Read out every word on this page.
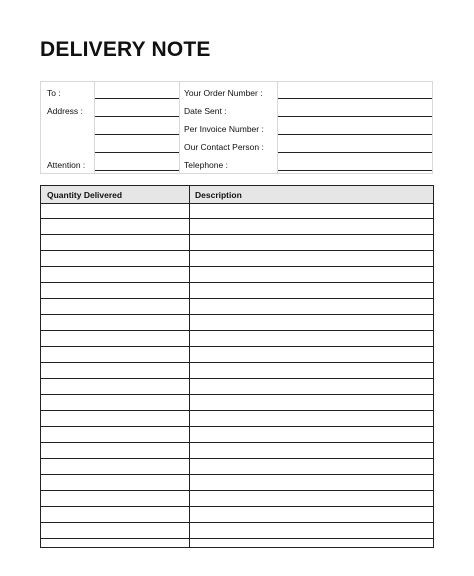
DELIVERY NOTE
To :
Address :
Attention :
Your Order Number :
Date Sent :
Per Invoice Number :
Our Contact Person :
Telephone :
Quantity Delivered	Description
